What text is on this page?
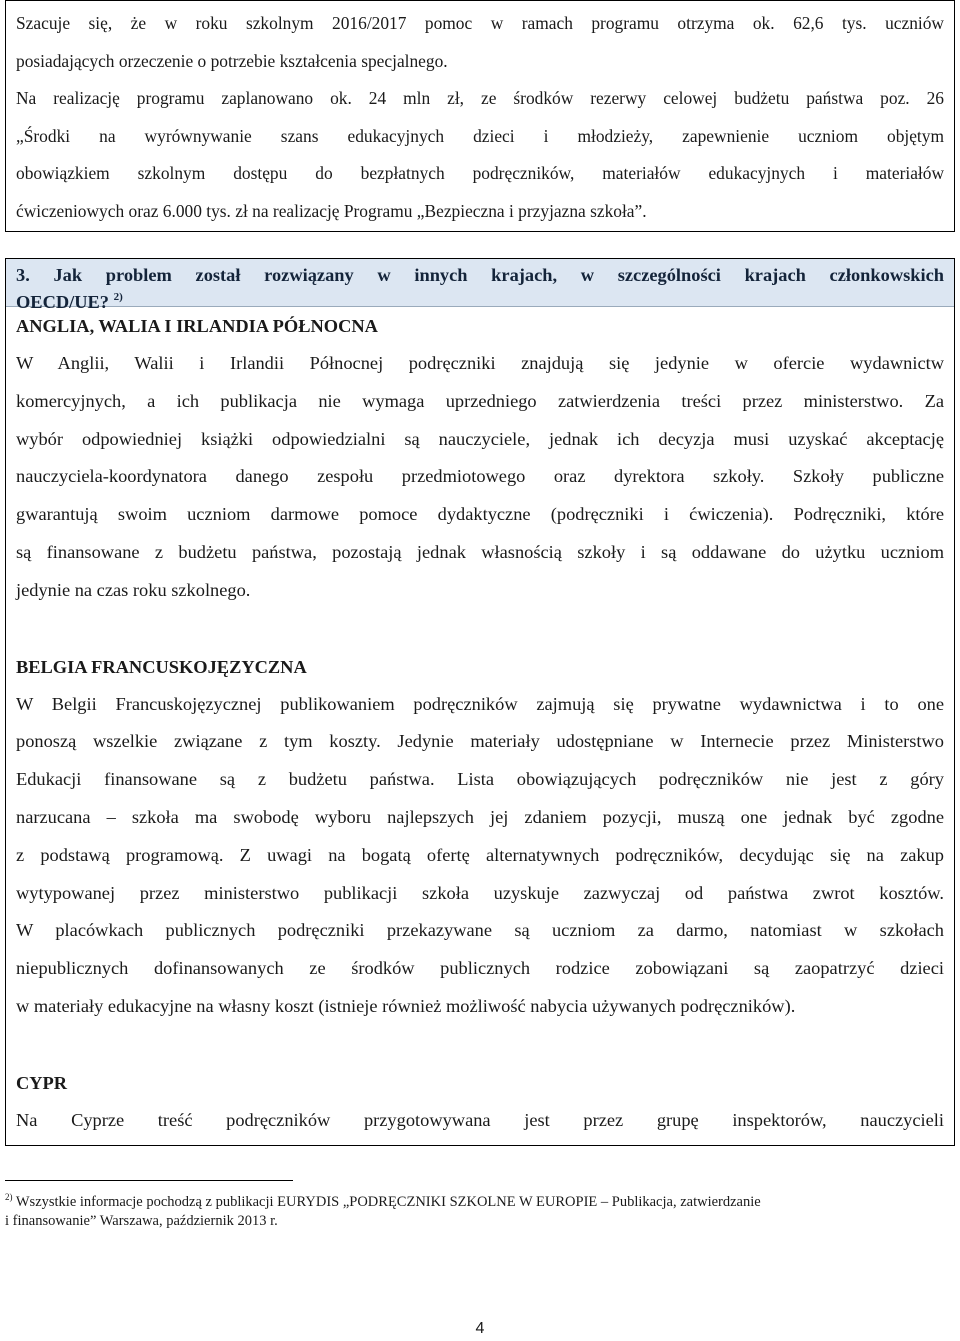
Szacuje się, że w roku szkolnym 2016/2017 pomoc w ramach programu otrzyma ok. 62,6 tys. uczniów
posiadających orzeczenie o potrzebie kształcenia specjalnego.
Na realizację programu zaplanowano ok. 24 mln zł, ze środków rezerwy celowej budżetu państwa poz. 26
„Środki na wyrównywanie szans edukacyjnych dzieci i młodzieży, zapewnienie uczniom objętym
obowiązkiem szkolnym dostępu do bezpłatnych podręczników, materiałów edukacyjnych i materiałów
ćwiczeniowych oraz 6.000 tys. zł na realizację Programu „Bezpieczna i przyjazna szkoła”.

3. Jak problem został rozwiązany w innych krajach, w szczególności krajach członkowskich
OECD/UE? $^{2)}$
ANGLIA, WALIA I IRLANDIA PÓŁNOCNA

W Anglii, Walii i Irlandii Północnej podręczniki znajdują się jedynie w ofercie wydawnictw
komercyjnych, a ich publikacja nie wymaga uprzedniego zatwierdzenia treści przez ministerstwo. Za
wybór odpowiedniej książki odpowiedzialni są nauczyciele, jednak ich decyzja musi uzyskać akceptację
nauczyciela-koordynatora danego zespołu przedmiotowego oraz dyrektora szkoły. Szkoły publiczne
gwarantują swoim uczniom darmowe pomoce dydaktyczne (podręczniki i ćwiczenia). Podręczniki, które
są finansowane z budżetu państwa, pozostają jednak własnością szkoły i są oddawane do użytku uczniom
jedynie na czas roku szkolnego.

BELGIA FRANCUSKOJĘZYCZNA

W Belgii Francuskojęzycznej publikowaniem podręczników zajmują się prywatne wydawnictwa i to one
ponoszą wszelkie związane z tym koszty. Jedynie materiały udostępniane w Internecie przez Ministerstwo
Edukacji finansowane są z budżetu państwa. Lista obowiązujących podręczników nie jest z góry
narzucana – szkoła ma swobodę wyboru najlepszych jej zdaniem pozycji, muszą one jednak być zgodne
z podstawą programową. Z uwagi na bogatą ofertę alternatywnych podręczników, decydując się na zakup
wytypowanej przez ministerstwo publikacji szkoła uzyskuje zazwyczaj od państwa zwrot kosztów.
W placówkach publicznych podręczniki przekazywane są uczniom za darmo, natomiast w szkołach
niepublicznych dofinansowanych ze środków publicznych rodzice zobowiązani są zaopatrzyć dzieci
w materiały edukacyjne na własny koszt (istnieje również możliwość nabycia używanych podręczników).

CYPR

Na Cyprze treść podręczników przygotowywana jest przez grupę inspektorów, nauczycieli

$^{2)}$ Wszystkie informacje pochodzą z publikacji EURYDIS „PODRĘCZNIKI SZKOLNE W EUROPIE – Publikacja, zatwierdzanie
i finansowanie” Warszawa, październik 2013 r.
4
